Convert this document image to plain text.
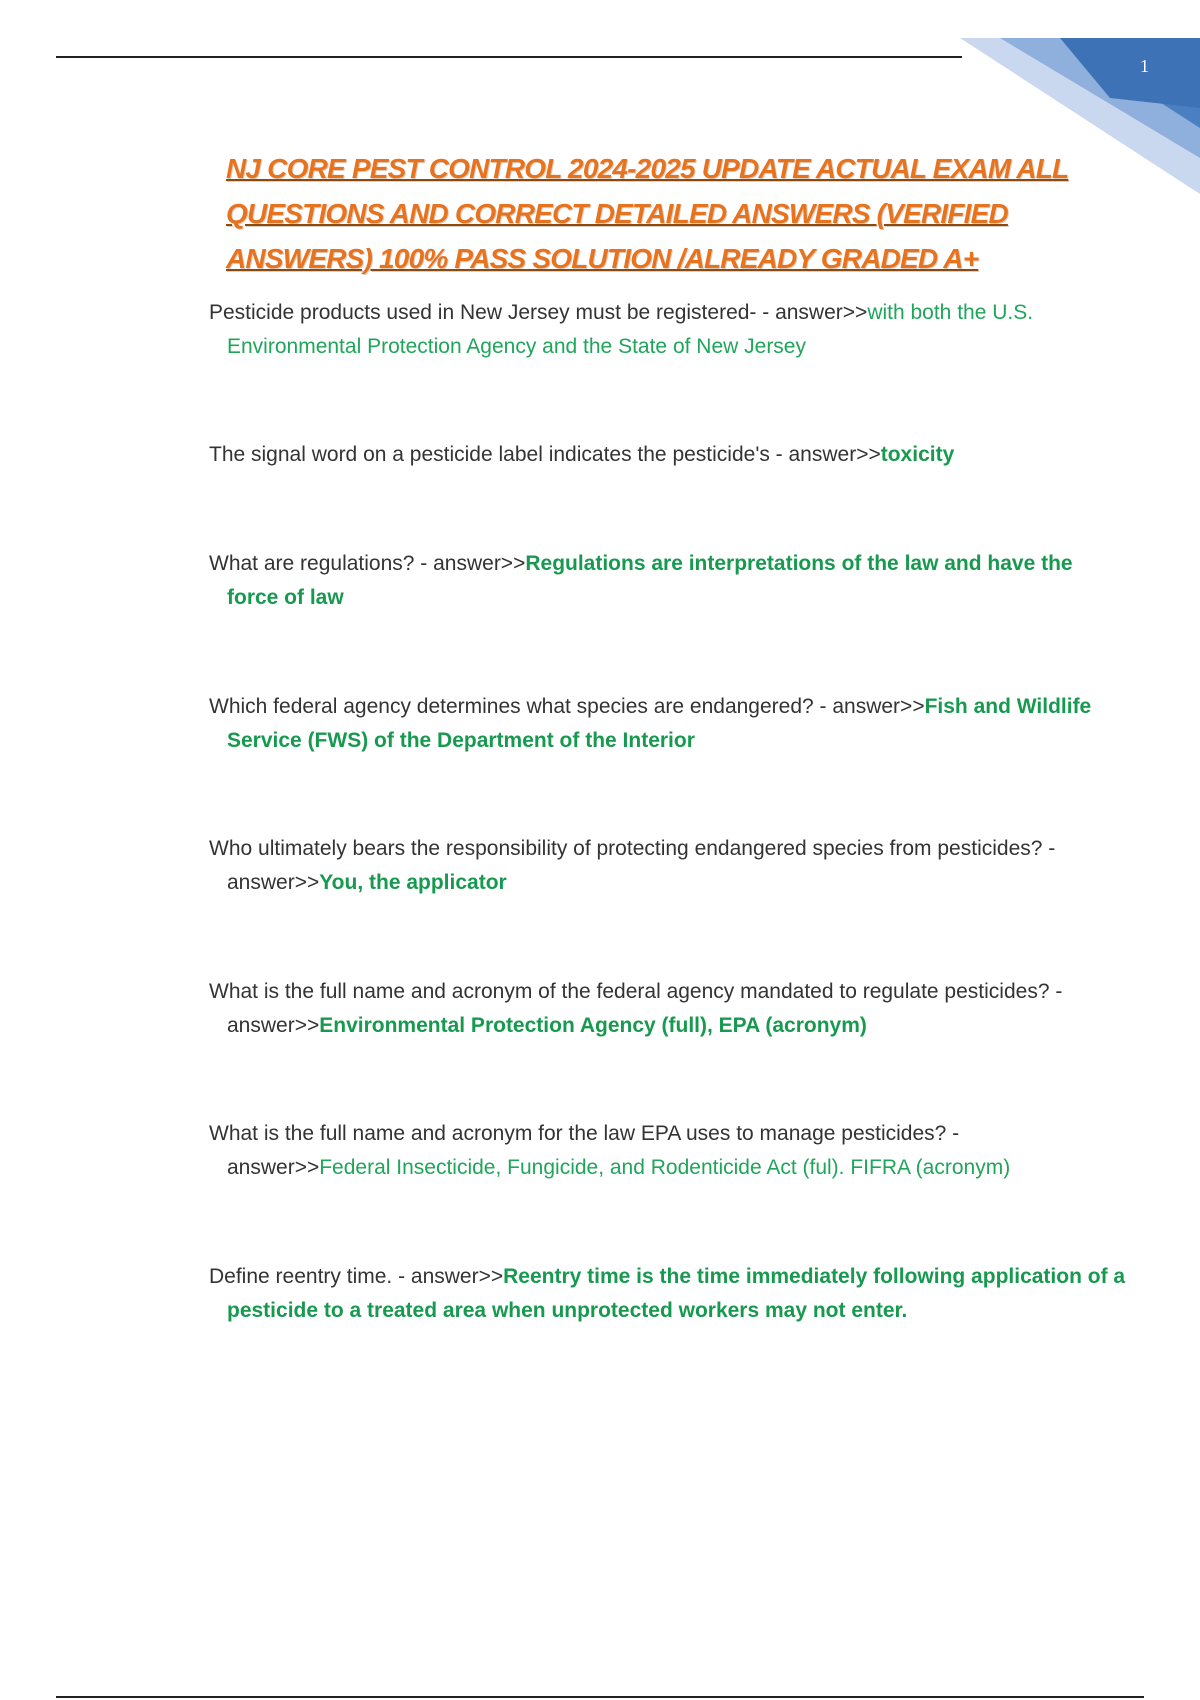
1
NJ CORE PEST CONTROL 2024-2025 UPDATE ACTUAL EXAM ALL QUESTIONS AND CORRECT DETAILED ANSWERS (VERIFIED ANSWERS) 100% PASS SOLUTION /ALREADY GRADED A+

Pesticide products used in New Jersey must be registered- - answer>>with both the U.S. Environmental Protection Agency and the State of New Jersey

The signal word on a pesticide label indicates the pesticide's - answer>>toxicity

What are regulations? - answer>>Regulations are interpretations of the law and have the force of law

Which federal agency determines what species are endangered? - answer>>Fish and Wildlife Service (FWS) of the Department of the Interior

Who ultimately bears the responsibility of protecting endangered species from pesticides? - answer>>You, the applicator

What is the full name and acronym of the federal agency mandated to regulate pesticides? - answer>>Environmental Protection Agency (full), EPA (acronym)

What is the full name and acronym for the law EPA uses to manage pesticides? - answer>>Federal Insecticide, Fungicide, and Rodenticide Act (ful). FIFRA (acronym)

Define reentry time. - answer>>Reentry time is the time immediately following application of a pesticide to a treated area when unprotected workers may not enter.
